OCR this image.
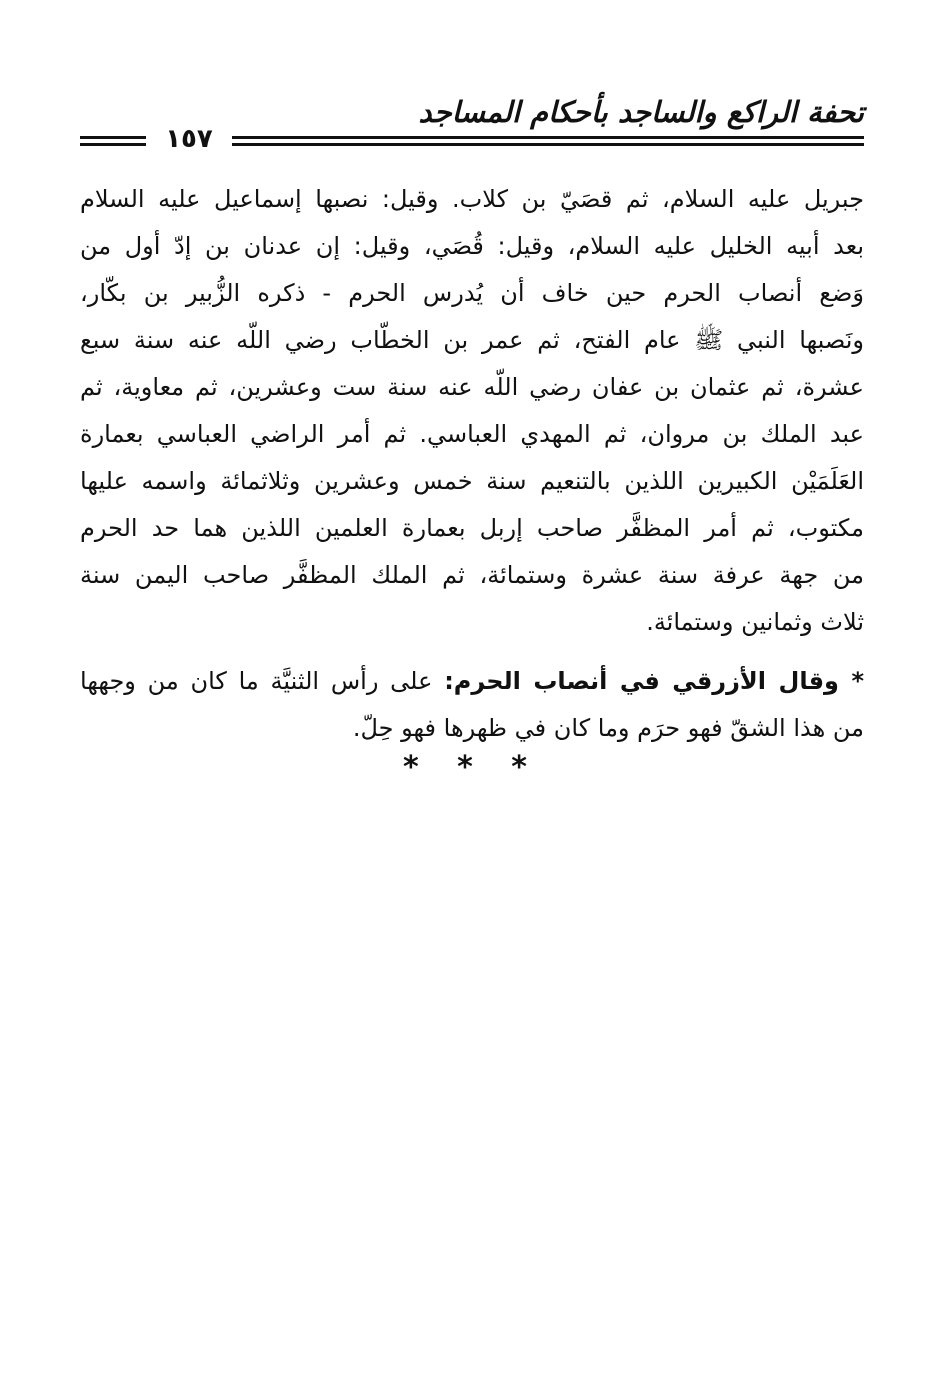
تحفة الراكع والساجد بأحكام المساجد
١٥٧
جبريل عليه السلام، ثم قصَيّ بن كلاب. وقيل: نصبها إسماعيل عليه السلام
بعد أبيه الخليل عليه السلام، وقيل: قُصَي، وقيل: إن عدنان بن إدّ أول من
وَضع أنصاب الحرم حين خاف أن يُدرس الحرم - ذكره الزُّبير بن بكّار،
ونَصبها النبي ﷺ عام الفتح، ثم عمر بن الخطّاب رضي اللّه عنه سنة سبع
عشرة، ثم عثمان بن عفان رضي اللّه عنه سنة ست وعشرين، ثم معاوية، ثم
عبد الملك بن مروان، ثم المهدي العباسي. ثم أمر الراضي العباسي بعمارة
العَلَمَيْن الكبيرين اللذين بالتنعيم سنة خمس وعشرين وثلاثمائة واسمه عليها
مكتوب، ثم أمر المظفَّر صاحب إربل بعمارة العلمين اللذين هما حد الحرم
من جهة عرفة سنة عشرة وستمائة، ثم الملك المظفَّر صاحب اليمن سنة
ثلاث وثمانين وستمائة.
* وقال الأزرقي في أنصاب الحرم: على رأس الثنيَّة ما كان من وجهها
من هذا الشقّ فهو حرَم وما كان في ظهرها فهو حِلّ.
* * *
